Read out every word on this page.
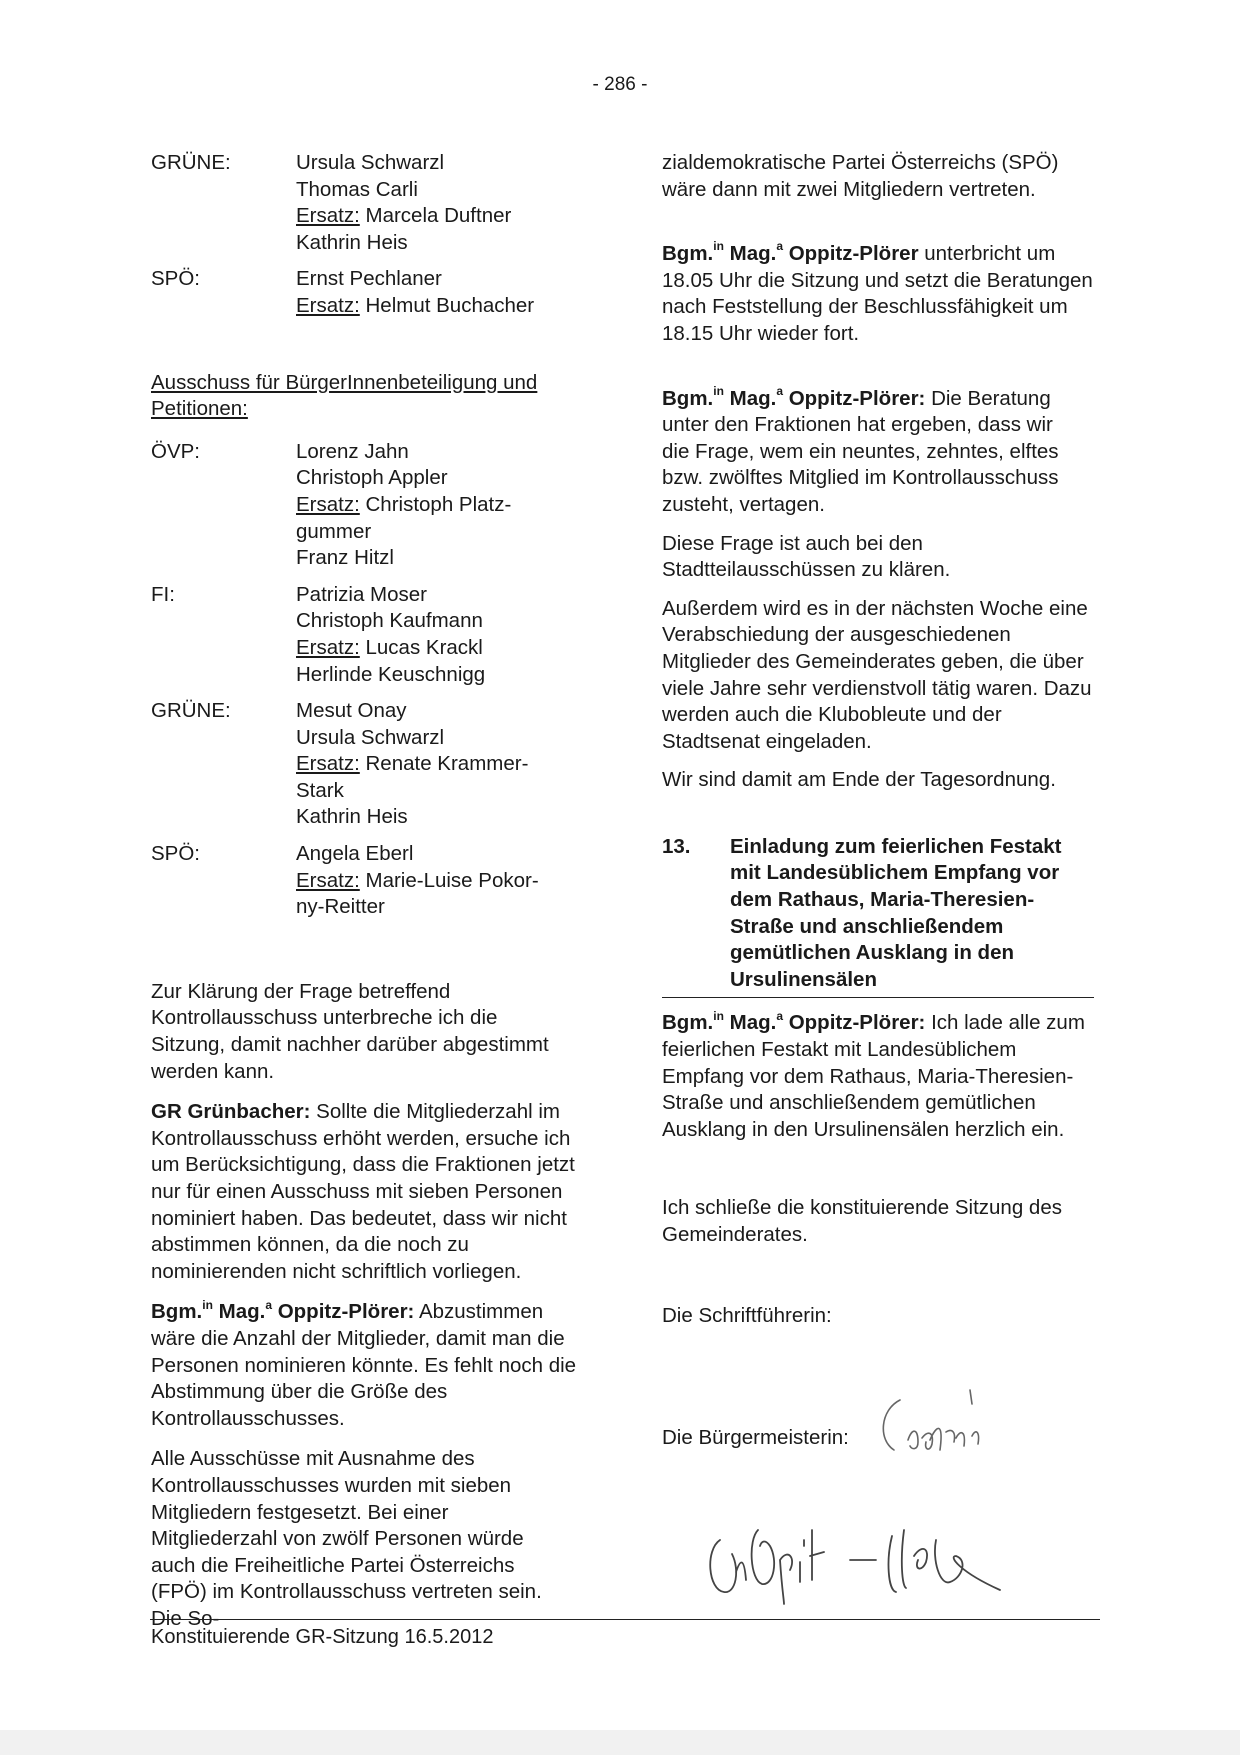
- 286 -
GRÜNE:	Ursula Schwarzl
Thomas Carli
Ersatz: Marcela Duftner
Kathrin Heis
SPÖ:	Ernst Pechlaner
Ersatz: Helmut Buchacher
Ausschuss für BürgerInnenbeteiligung und Petitionen:
ÖVP:	Lorenz Jahn
Christoph Appler
Ersatz: Christoph Platz-
gummer
Franz Hitzl
FI:	Patrizia Moser
Christoph Kaufmann
Ersatz: Lucas Krackl
Herlinde Keuschnigg
GRÜNE:	Mesut Onay
Ursula Schwarzl
Ersatz: Renate Krammer-
Stark
Kathrin Heis
SPÖ:	Angela Eberl
Ersatz: Marie-Luise Pokor-
ny-Reitter

Zur Klärung der Frage betreffend Kontrollausschuss unterbreche ich die Sitzung, damit nachher darüber abgestimmt werden kann.

GR Grünbacher: Sollte die Mitgliederzahl im Kontrollausschuss erhöht werden, ersuche ich um Berücksichtigung, dass die Fraktionen jetzt nur für einen Ausschuss mit sieben Personen nominiert haben. Das bedeutet, dass wir nicht abstimmen können, da die noch zu nominierenden nicht schriftlich vorliegen.

Bgm.$^{in}$ Mag.$^a$ Oppitz-Plörer: Abzustimmen wäre die Anzahl der Mitglieder, damit man die Personen nominieren könnte. Es fehlt noch die Abstimmung über die Größe des Kontrollausschusses.

Alle Ausschüsse mit Ausnahme des Kontrollausschusses wurden mit sieben Mitgliedern festgesetzt. Bei einer Mitgliederzahl von zwölf Personen würde auch die Freiheitliche Partei Österreichs (FPÖ) im Kontrollausschuss vertreten sein. Die So-

zialdemokratische Partei Österreichs (SPÖ) wäre dann mit zwei Mitgliedern vertreten.

Bgm.$^{in}$ Mag.$^a$ Oppitz-Plörer unterbricht um 18.05 Uhr die Sitzung und setzt die Beratungen nach Feststellung der Beschlussfähigkeit um 18.15 Uhr wieder fort.

Bgm.$^{in}$ Mag.$^a$ Oppitz-Plörer: Die Beratung unter den Fraktionen hat ergeben, dass wir die Frage, wem ein neuntes, zehntes, elftes bzw. zwölftes Mitglied im Kontrollausschuss zusteht, vertagen.

Diese Frage ist auch bei den Stadtteilausschüssen zu klären.

Außerdem wird es in der nächsten Woche eine Verabschiedung der ausgeschiedenen Mitglieder des Gemeinderates geben, die über viele Jahre sehr verdienstvoll tätig waren. Dazu werden auch die Klubobleute und der Stadtsenat eingeladen.

Wir sind damit am Ende der Tagesordnung.

13.	Einladung zum feierlichen Festakt mit Landesüblichem Empfang vor dem Rathaus, Maria-Theresien-Straße und anschließendem gemütlichen Ausklang in den Ursulinensälen

Bgm.$^{in}$ Mag.$^a$ Oppitz-Plörer: Ich lade alle zum feierlichen Festakt mit Landesüblichem Empfang vor dem Rathaus, Maria-Theresien-Straße und anschließendem gemütlichen Ausklang in den Ursulinensälen herzlich ein.

Ich schließe die konstituierende Sitzung des Gemeinderates.

Die Schriftführerin:
Die Bürgermeisterin:
Konstituierende GR-Sitzung 16.5.2012
